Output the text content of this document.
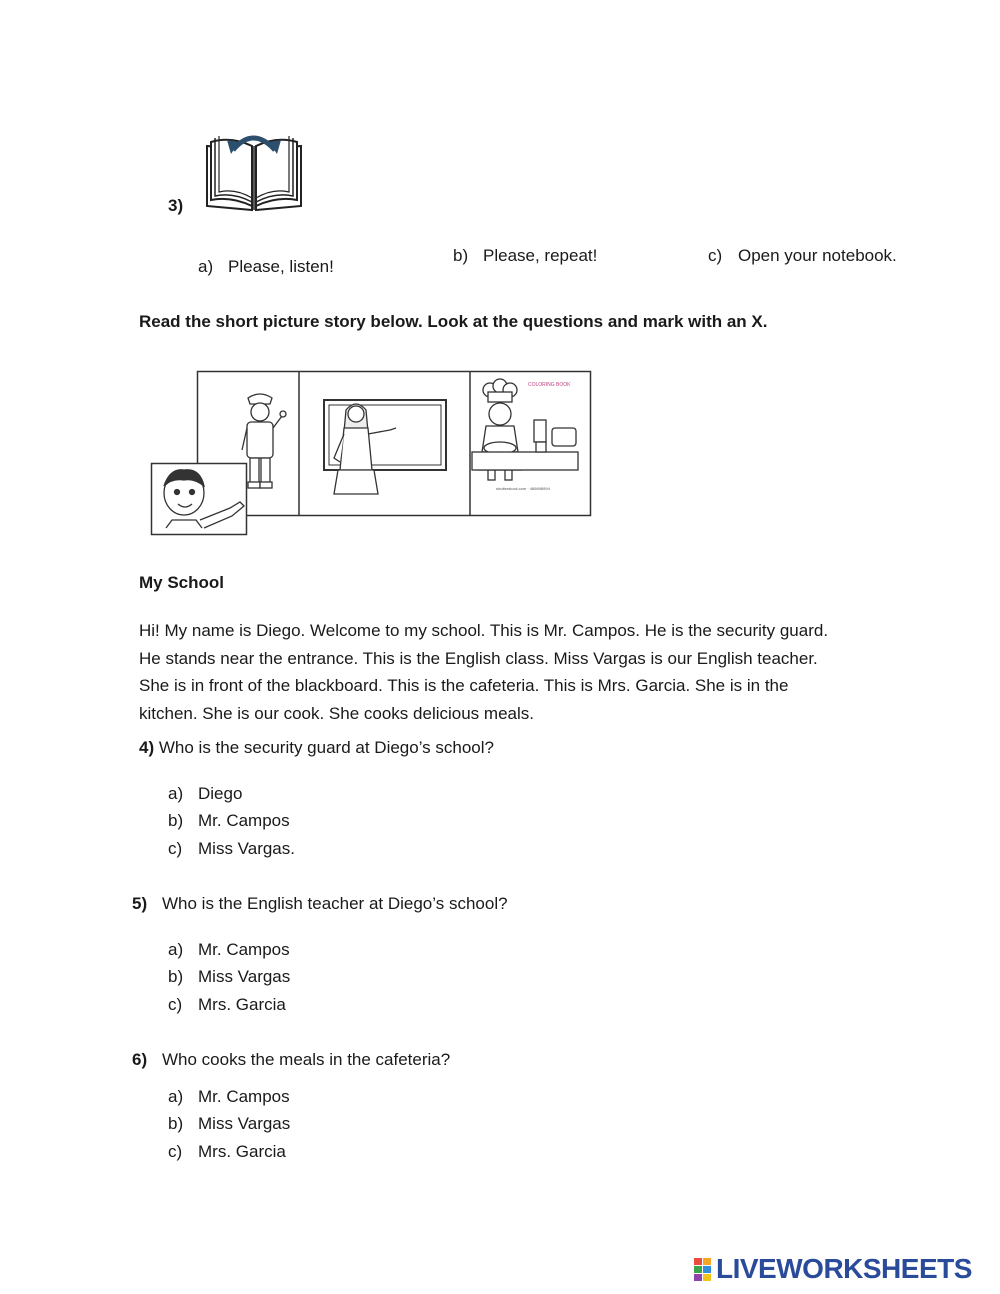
3)
a) Please, listen!
b) Please, repeat!	c) Open your notebook.
Read the short picture story below. Look at the questions and mark with an X.
COLORING BOOK
shutterstock.com · 466698994
My School
Hi! My name is Diego. Welcome to my school. This is Mr. Campos. He is the security guard.
He stands near the entrance. This is the English class. Miss Vargas is our English teacher.
She is in front of the blackboard. This is the cafeteria. This is Mrs. Garcia. She is in the
kitchen. She is our cook. She cooks delicious meals.
4) Who is the security guard at Diego’s school?
a) Diego
b) Mr. Campos
c) Miss Vargas.
5) Who is the English teacher at Diego’s school?
a) Mr. Campos
b) Miss Vargas
c) Mrs. Garcia
6) Who cooks the meals in the cafeteria?
a) Mr. Campos
b) Miss Vargas
c) Mrs. Garcia
LIVEWORKSHEETS
